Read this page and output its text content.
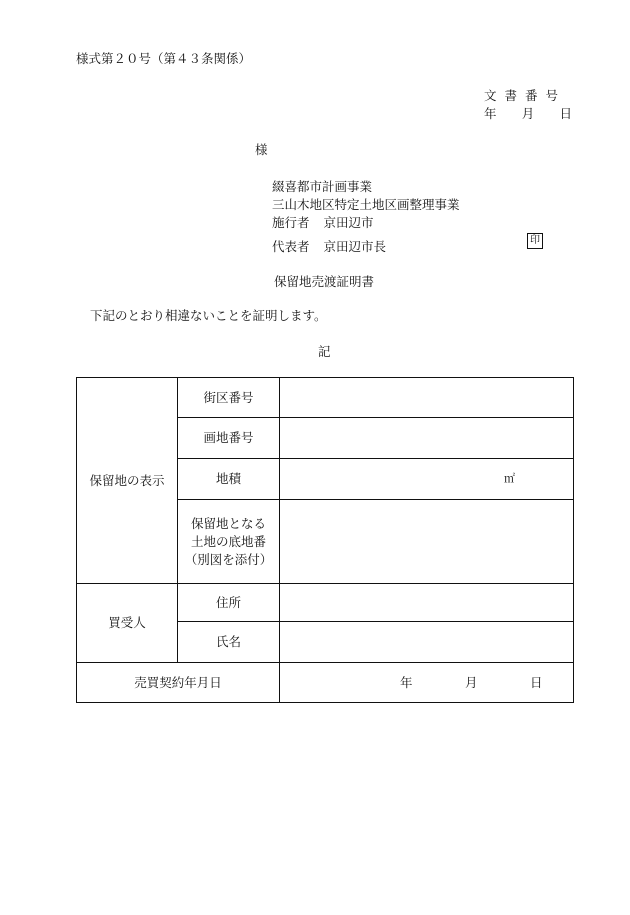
様式第２０号（第４３条関係）
文書番号
年 月 日
様
綴喜都市計画事業
三山木地区特定土地区画整理事業
施行者 京田辺市
代表者 京田辺市長	印
保留地売渡証明書
下記のとおり相違ないことを証明します。
記
保留地の表示	街区番号	
	画地番号	
	地積	㎡

	保留地となる
土地の底地番
（別図を添付）	

買受人	住所	
	氏名	
売買契約年月日		年 月 日
